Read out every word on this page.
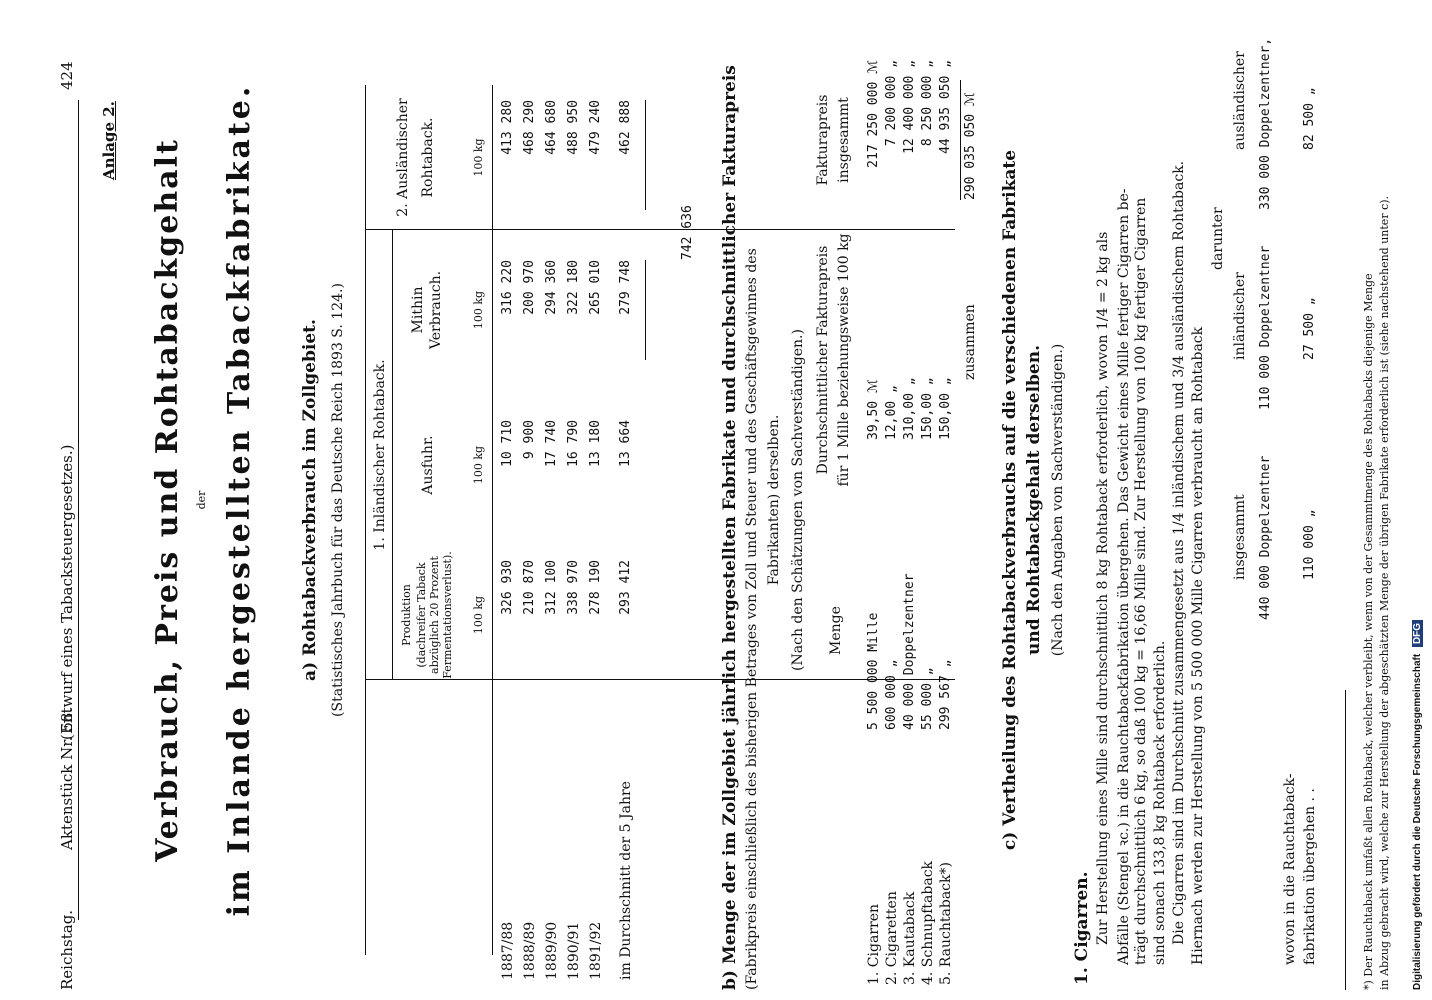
424
Reichstag.
Aktenstück Nr. 58.
(Entwurf eines Tabacksteuergesetzes.)
Anlage 2. Verbrauch, Preis und Rohtabackgehalt der im Inlande hergestellten Tabackfabrikate.	a) Rohtabackverbrauch im Zollgebiet. (Statistisches Jahrbuch für das Deutsche Reich 1893 S. 124.) 1. Inländischer Rohtaback.
2. Ausländischer Rohtaback.
Produktion (dachreifer Taback abzüglich 20 Prozent Fermentationsverlust).
Ausfuhr.
Mithin Verbrauch.
100 kg
100 kg
100 kg
100 kg
1887/88
326 930
10 710
316 220
413 280
1888/89
210 870
9 900
200 970
468 290
1889/90
312 100
17 740
294 360
464 680
1890/91
338 970
16 790
322 180
488 950
1891/92
278 190
13 180
265 010
479 240
im Durchschnitt der 5 Jahre
293 412
13 664
279 748
462 888
742 636 b) Menge der im Zollgebiet jährlich hergestellten Fabrikate und durchschnittlicher Fakturapreis (Fabrikpreis einschließlich des bisherigen Betrages von Zoll und Steuer und des Geschäftsgewinnes des Fabrikanten) derselben. (Nach den Schätzungen von Sachverständigen.) Menge
Durchschnittlicher Fakturapreis für 1 Mille beziehungsweise 100 kg
Fakturapreis insgesammt
1. Cigarren
5 500 000 Mille
39,50 ℳ
217 250 000 ℳ
2. Cigaretten
600 000 „
12,00 „
7 200 000 „
3. Kautaback
40 000 Doppelzentner
310,00 „
12 400 000 „
4. Schnupftaback
55 000 „
150,00 „
8 250 000 „
5. Rauchtaback*)
299 567 „
150,00 „
44 935 050 „
zusammen
290 035 050 ℳ
c) Vertheilung des Rohtabackverbrauchs auf die verschiedenen Fabrikate und Rohtabackgehalt derselben. (Nach den Angaben von Sachverständigen.)
1. Cigarren. Zur Herstellung eines Mille sind durchschnittlich 8 kg Rohtaback erforderlich, wovon 1/4 = 2 kg als Abfälle (Stengel ꝛc.) in die Rauchtabackfabrikation übergehen. Das Gewicht eines Mille fertiger Cigarren be- trägt durchschnittlich 6 kg, so daß 100 kg = 16,66 Mille sind. Zur Herstellung von 100 kg fertiger Cigarren sind sonach 133,8 kg Rohtaback erforderlich. Die Cigarren sind im Durchschnitt zusammengesetzt aus 1/4 inländischem und 3/4 ausländischem Rohtaback. Hiernach werden zur Herstellung von 5 500 000 Mille Cigarren verbraucht an Rohtaback
darunter
insgesammt
inländischer
ausländischer
440 000 Doppelzentner
110 000 Doppelzentner
330 000 Doppelzentner,
wovon in die Rauchtaback- fabrikation übergehen . .
110 000 „
27 500 „
82 500 „
*) Der Rauchtaback umfaßt allen Rohtaback, welcher verbleibt, wenn von der Gesammtmenge des Rohtabacks diejenige Menge in Abzug gebracht wird, welche zur Herstellung der abgeschätzten Menge der übrigen Fabrikate erforderlich ist (siehe nachstehend unter c). Digitalisierung gefördert durch die Deutsche Forschungsgemeinschaft DFG
